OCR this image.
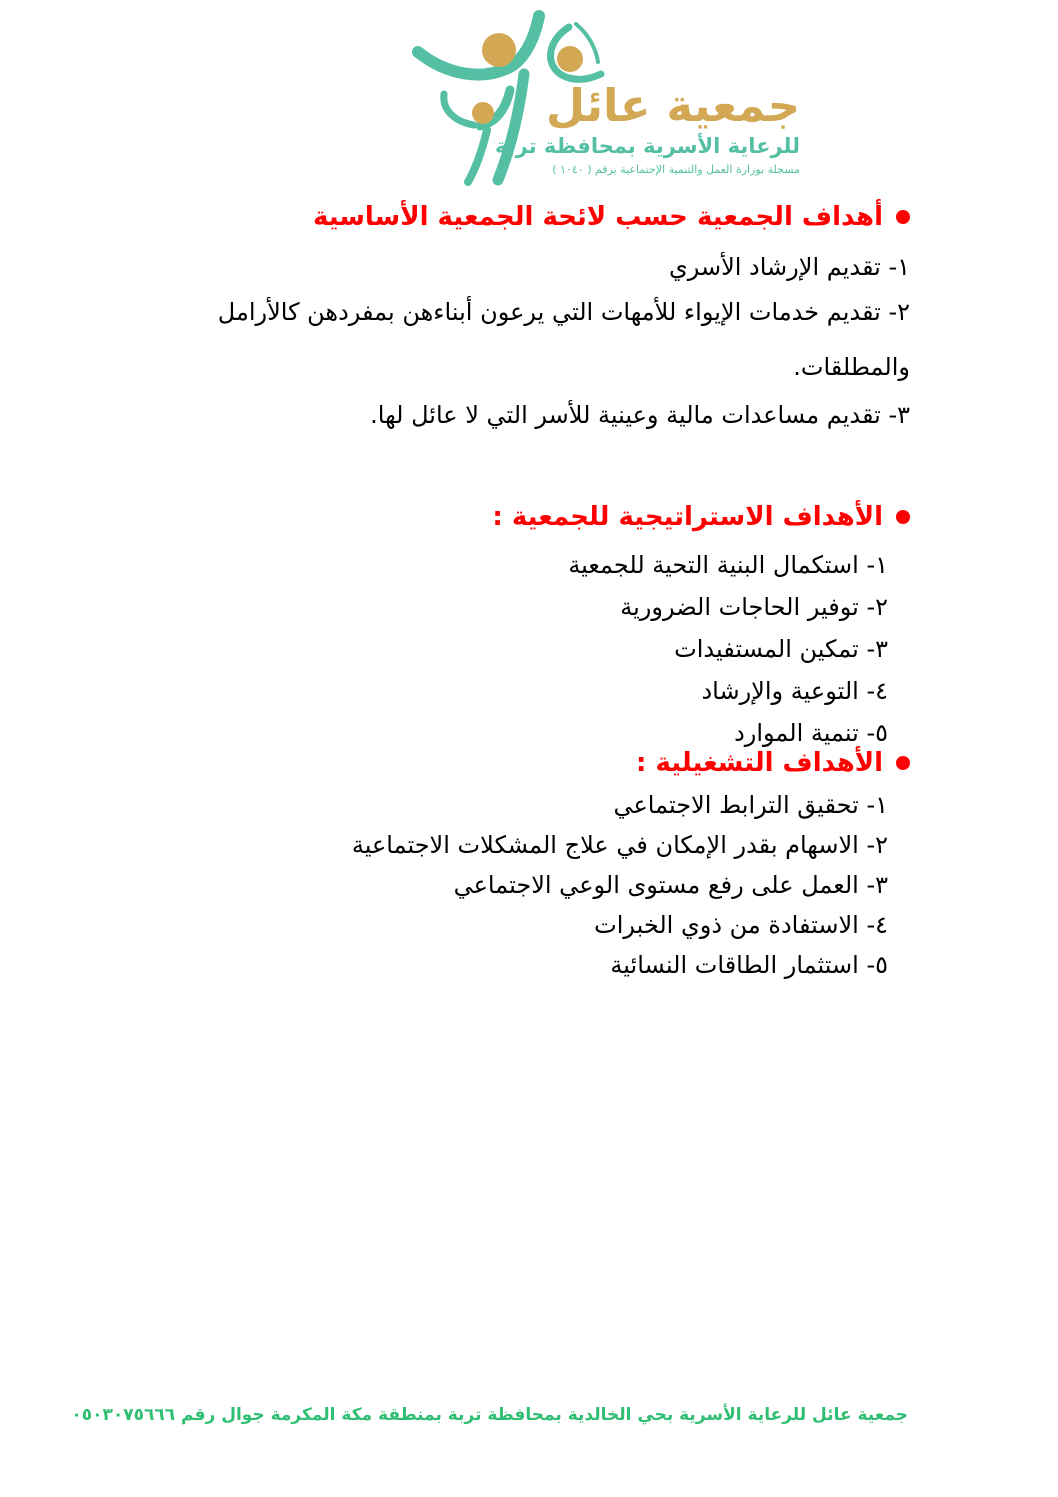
جمعية عائل
للرعاية الأسرية بمحافظة تربة
مسجلة بوزارة العمل والتنمية الإجتماعية برقم ( ١٠٤٠ )
أهداف الجمعية حسب لائحة الجمعية الأساسية
١- تقديم الإرشاد الأسري
٢- تقديم خدمات الإيواء للأمهات التي يرعون أبناءهن بمفردهن كالأرامل
والمطلقات.
٣- تقديم مساعدات مالية وعينية للأسر التي لا عائل لها.
الأهداف الاستراتيجية للجمعية :
١- استكمال البنية التحية للجمعية
٢- توفير الحاجات الضرورية
٣- تمكين المستفيدات
٤- التوعية والإرشاد
٥- تنمية الموارد
الأهداف التشغيلية :
١- تحقيق الترابط الاجتماعي
٢- الاسهام بقدر الإمكان في علاج المشكلات الاجتماعية
٣- العمل على رفع مستوى الوعي الاجتماعي
٤- الاستفادة من ذوي الخبرات
٥- استثمار الطاقات النسائية
جمعية عائل للرعاية الأسرية بحي الخالدية بمحافظة تربة بمنطقة مكة المكرمة جوال رقم ٠٥٠٣٠٧٥٦٦٦
